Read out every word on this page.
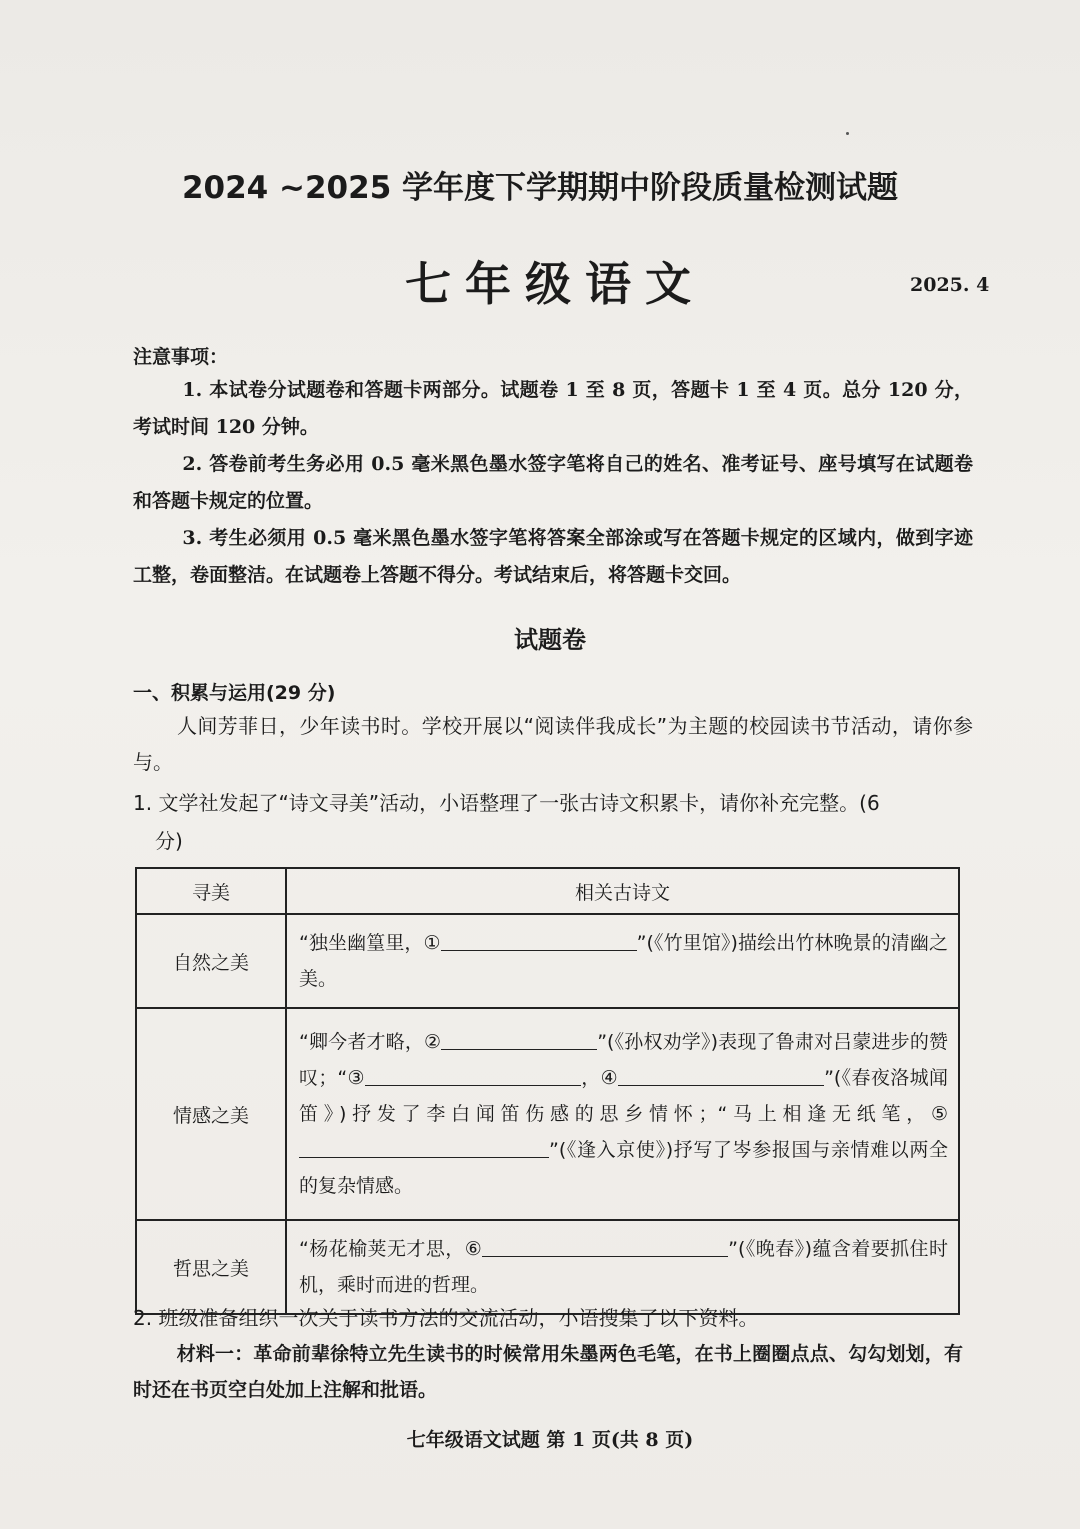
2024 ~2025 学年度下学期期中阶段质量检测试题
七年级语文	2025. 4
注意事项：

1. 本试卷分试题卷和答题卡两部分。试题卷 1 至 8 页，答题卡 1 至 4 页。总分 120 分，考试时间 120 分钟。

2. 答卷前考生务必用 0.5 毫米黑色墨水签字笔将自己的姓名、准考证号、座号填写在试题卷和答题卡规定的位置。

3. 考生必须用 0.5 毫米黑色墨水签字笔将答案全部涂或写在答题卡规定的区域内，做到字迹工整，卷面整洁。在试题卷上答题不得分。考试结束后，将答题卡交回。

试题卷
一、积累与运用(29 分)
人间芳菲日，少年读书时。学校开展以“阅读伴我成长”为主题的校园读书节活动，请你参与。
1. 文学社发起了“诗文寻美”活动，小语整理了一张古诗文积累卡，请你补充完整。(6
分)
寻美	相关古诗文
自然之美	“独坐幽篁里，① ”(《竹里馆》)描绘出竹林晚景的清幽之美。
情感之美	“卿今者才略，② ”(《孙权劝学》)表现了鲁肃对吕蒙进步的赞叹；“③ ，④ ”(《春夜洛城闻笛》)抒发了李白闻笛伤感的思乡情怀；“马上相逢无纸笔，⑤”(《逢入京使》)抒写了岑参报国与亲情难以两全的复杂情感。
哲思之美	“杨花榆荚无才思，⑥ ”(《晚春》)蕴含着要抓住时机，乘时而进的哲理。
2. 班级准备组织一次关于读书方法的交流活动，小语搜集了以下资料。
材料一：革命前辈徐特立先生读书的时候常用朱墨两色毛笔，在书上圈圈点点、勾勾划划，有时还在书页空白处加上注解和批语。
七年级语文试题 第 1 页(共 8 页)
